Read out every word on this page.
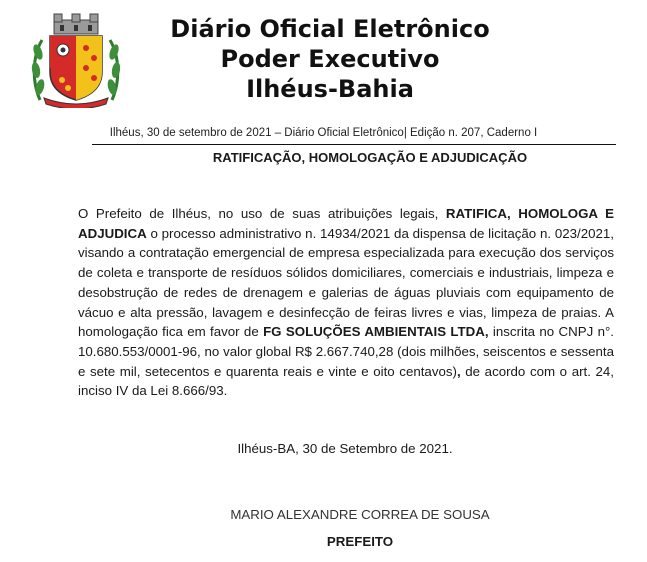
Diário Oficial Eletrônico
Poder Executivo
Ilhéus-Bahia
Ilhéus, 30 de setembro de 2021 – Diário Oficial Eletrônico| Edição n. 207, Caderno I
RATIFICAÇÃO, HOMOLOGAÇÃO E ADJUDICAÇÃO
O Prefeito de Ilhéus, no uso de suas atribuições legais, RATIFICA, HOMOLOGA E ADJUDICA o processo administrativo n. 14934/2021 da dispensa de licitação n. 023/2021, visando a contratação emergencial de empresa especializada para execução dos serviços de coleta e transporte de resíduos sólidos domiciliares, comerciais e industriais, limpeza e desobstrução de redes de drenagem e galerias de águas pluviais com equipamento de vácuo e alta pressão, lavagem e desinfecção de feiras livres e vias, limpeza de praias. A homologação fica em favor de FG SOLUÇÕES AMBIENTAIS LTDA, inscrita no CNPJ n°. 10.680.553/0001-96, no valor global R$ 2.667.740,28 (dois milhões, seiscentos e sessenta e sete mil, setecentos e quarenta reais e vinte e oito centavos), de acordo com o art. 24, inciso IV da Lei 8.666/93.
Ilhéus-BA, 30 de Setembro de 2021.
MARIO ALEXANDRE CORREA DE SOUSA
PREFEITO
